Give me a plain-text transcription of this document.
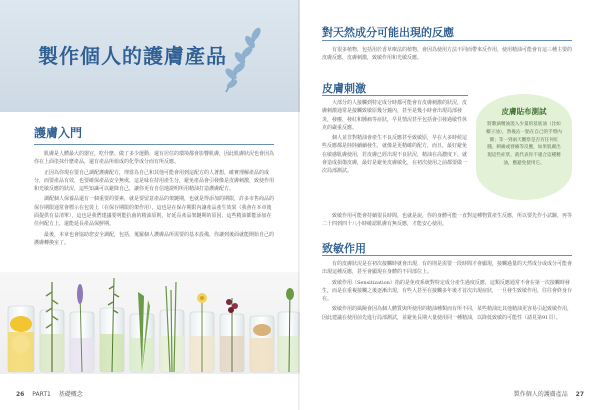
製作個人的護膚產品
護膚入門

肌膚是人體最大的器官，吃什麼、做了多少運動、還有居住的環境都會影響肌膚，因此肌膚狀況也會因為你在上面塗抹什麼產品，還有產品所組成的化學成分而有所反應。

正因為你現在要自己調配護膚配方，理當為自己和其他可能會用到這配方的人著想，確實理解產品的成分，而要產品有效，也要確保產品安全無虞，這是味在持用產生分，避免產品會引發像是皮膚刺激，致使作用和光敏反應的狀況，這些知識可以避降自己，讓你更有自信地證明所用精油打造護膚配方。

調配個人保養品還有一個重要的要素，就是要留意產品的架鏈期，也就是得添加的期限，許多市售商品的保存期限通常會標示在包裝上（在保存期限的架作用），這也是在保存期限內讓產品產生效果（我會在本章後面提供有益清單），這也是我們建議要明能抗菌的精油原則，好延長產品架鏈期的原因，這些精油都能添加在任何配方上，還能延長產品保鮮期。

最後，本章也會協助您安全調配，包括，蒐羅個人護膚品所需要的基本設備，你讓到後面就能開始自己的護膚轉換室了。

26 PART1 基礎概念
對天然成分可能出現的反應

有很多植物，包括用於香草療法的植物，會因為使用方法不同而帶來反作用，使用精油可能會有這三種主要的皮膚反應，皮膚刺激，致敏作用和光敏反應。

皮膚刺激

大部分的人接觸到特定成分時都可能會有皮膚刺激的狀況，皮膚刺激通常是接觸致敏原幾分鐘內，甚至是幾小時會出現局部發炎，發癢，發紅和腫痛等症狀，早見情況甚至包括會引發過敏性休克的嚴重反應。

個人並非對精油會產生不良反應甚至致敏原，早在大多時候這些反應都是陸陸續續發生，就像是更精確的配方，而且，最好避免在敏感肌膚使用，若皮膚已經出現不良狀況，精油在高濃度下，就會造成損傷皮膚，最好是避免皮膚敏化，在初次使用之前都要做一次局部測試。

致敏作用可能會持續很長時間，也就是說，你的身體可能一直對這種物質產生反應，所以要先作小試驗，再等二十四到四十八小時確認肌膚有無反應，才能安心使用。

皮膚貼布測試
將數滴精油混入少量的基底油（比如椰子油），然後沾一點在自己的手臂內側；等一到兩天觀察是否有任何紅腫、刺痛或發癢等反應，如果肌膚出現這些症狀，就代表你不適合這種精油，應避免使用它。
致敏作用

有的皮膚狀況是在初次接觸時就會出現，有的則是需要一段時間才會顯現，接觸過量的天然成分或成分可能會出現這種反應，甚至會顯現在身體的不同部位上。

致敏作用（Sensitization）指的是免疫系統對特定成分產生過度反應，這類反應通常不會在第一次接觸時發生，而是在重複接觸之後逐漸出現，有些人甚至在接觸多年後才首次出現症狀，一旦發生致敏作用，往往會終身存在。

致敏作用的風險會因為個人體質與所使用的精油種類而有所不同，某些精油比其他精油更容易引起致敏作用，因此建議在使用前先進行局部測試，並避免長期大量使用同一種精油，以降低致敏的可能性（請見第91頁）。

製作個人的護膚產品 27
